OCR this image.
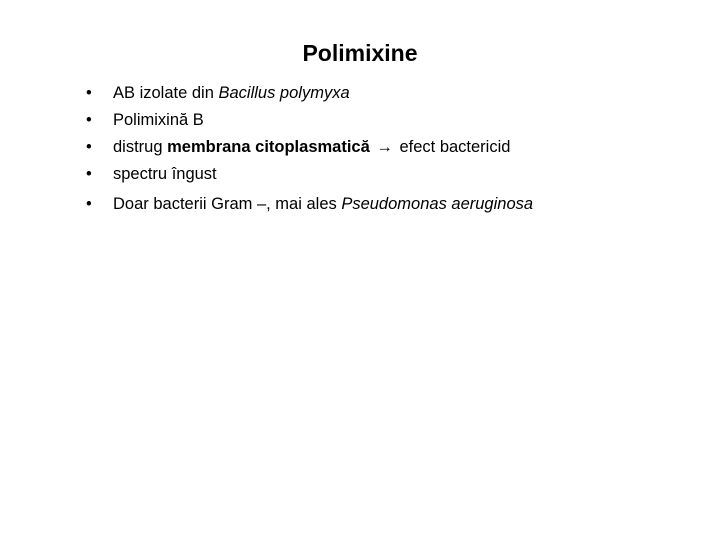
Polimixine
•	AB izolate din Bacillus polymyxa
•	Polimixină B
•	distrug membrana citoplasmatică → efect bactericid
•	spectru îngust
•	Doar bacterii Gram –, mai ales Pseudomonas aeruginosa
